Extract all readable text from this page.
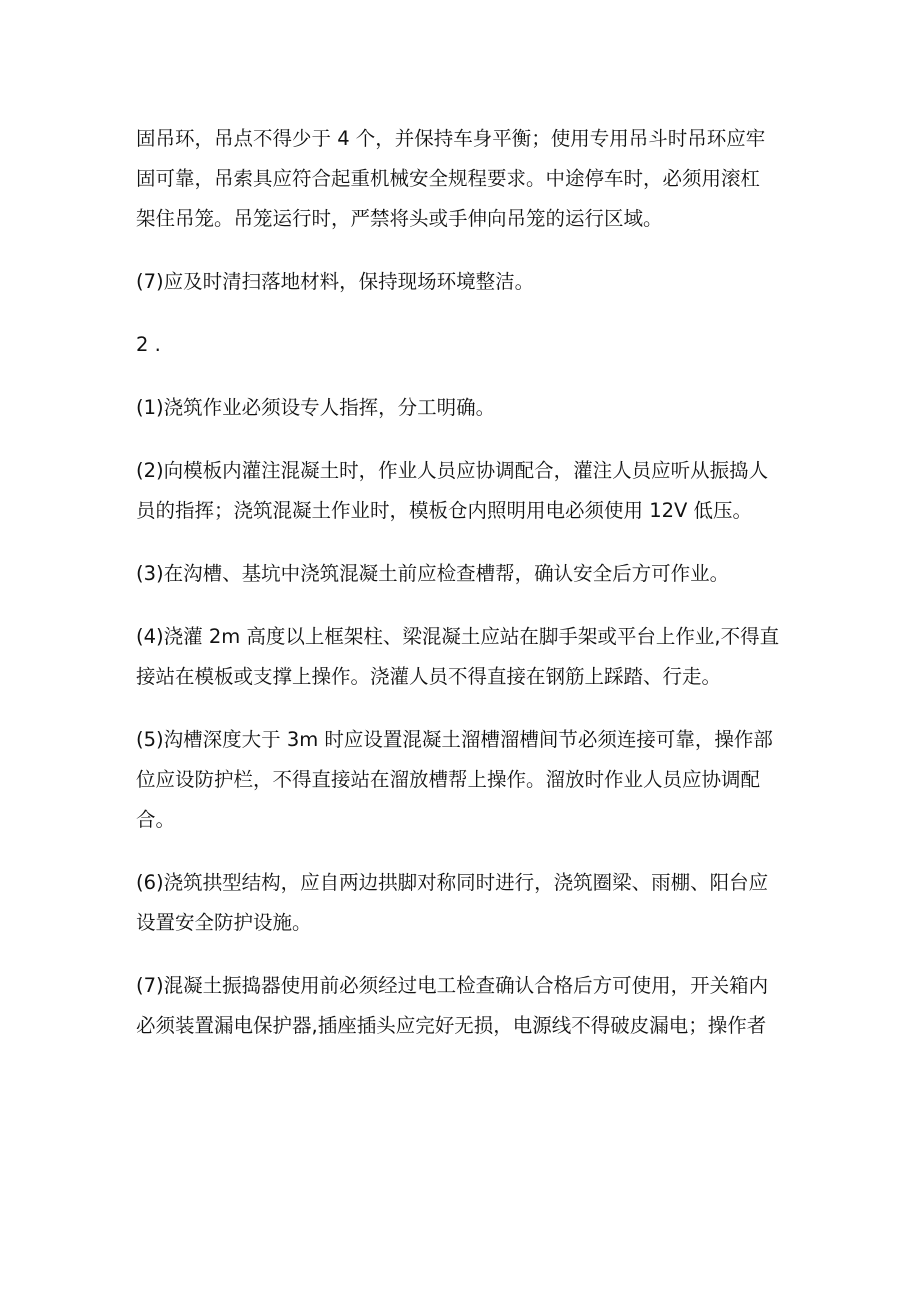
固吊环，吊点不得少于 4 个，并保持车身平衡；使用专用吊斗时吊环应牢
固可靠，吊索具应符合起重机械安全规程要求。中途停车时，必须用滚杠
架住吊笼。吊笼运行时，严禁将头或手伸向吊笼的运行区域。

(7)应及时清扫落地材料，保持现场环境整洁。

2 .

(1)浇筑作业必须设专人指挥，分工明确。

(2)向模板内灌注混凝土时，作业人员应协调配合，灌注人员应听从振捣人
员的指挥；浇筑混凝土作业时，模板仓内照明用电必须使用 12V 低压。

(3)在沟槽、基坑中浇筑混凝土前应检查槽帮，确认安全后方可作业。

(4)浇灌 2m 高度以上框架柱、梁混凝土应站在脚手架或平台上作业,不得直
接站在模板或支撑上操作。浇灌人员不得直接在钢筋上踩踏、行走。

(5)沟槽深度大于 3m 时应设置混凝土溜槽溜槽间节必须连接可靠，操作部
位应设防护栏，不得直接站在溜放槽帮上操作。溜放时作业人员应协调配
合。

(6)浇筑拱型结构，应自两边拱脚对称同时进行，浇筑圈梁、雨棚、阳台应
设置安全防护设施。

(7)混凝土振捣器使用前必须经过电工检查确认合格后方可使用，开关箱内
必须装置漏电保护器,插座插头应完好无损，电源线不得破皮漏电；操作者
